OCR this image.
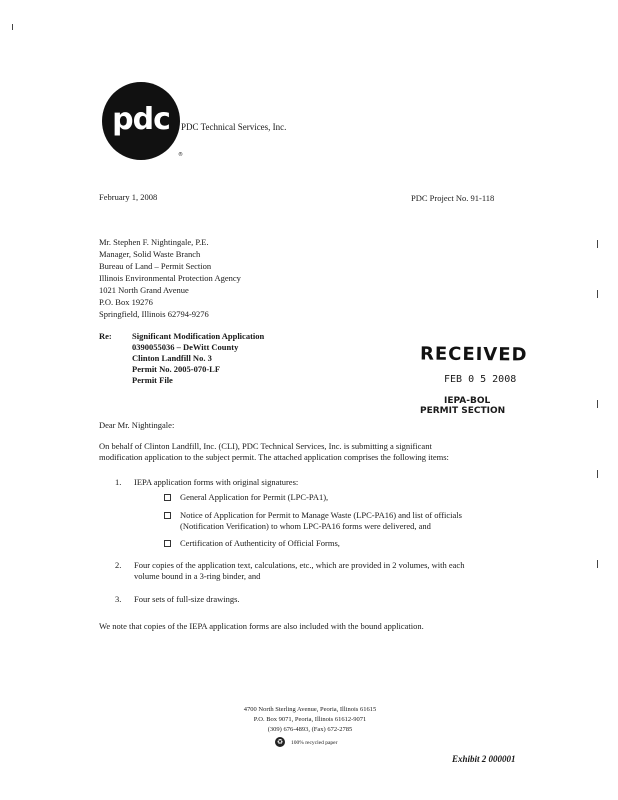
pdc
®
PDC Technical Services, Inc.
February 1, 2008	PDC Project No. 91-118
Mr. Stephen F. Nightingale, P.E.
Manager, Solid Waste Branch
Bureau of Land – Permit Section
Illinois Environmental Protection Agency
1021 North Grand Avenue
P.O. Box 19276
Springfield, Illinois 62794-9276
Re: Significant Modification Application
0390055036 – DeWitt County
Clinton Landfill No. 3
Permit No. 2005-070-LF
Permit File
RECEIVED
FEB 0 5 2008
IEPA-BOL
PERMIT SECTION
Dear Mr. Nightingale:
On behalf of Clinton Landfill, Inc. (CLI), PDC Technical Services, Inc. is submitting a significant
modification application to the subject permit. The attached application comprises the following items:
1. IEPA application forms with original signatures:
General Application for Permit (LPC-PA1),
Notice of Application for Permit to Manage Waste (LPC-PA16) and list of officials
(Notification Verification) to whom LPC-PA16 forms were delivered, and
Certification of Authenticity of Official Forms,
2. Four copies of the application text, calculations, etc., which are provided in 2 volumes, with each
volume bound in a 3-ring binder, and
3. Four sets of full-size drawings.
We note that copies of the IEPA application forms are also included with the bound application.
4700 North Sterling Avenue, Peoria, Illinois 61615
P.O. Box 9071, Peoria, Illinois 61612-9071
(309) 676-4893, (Fax) 672-2785
♻	100% recycled paper
Exhibit 2 000001
